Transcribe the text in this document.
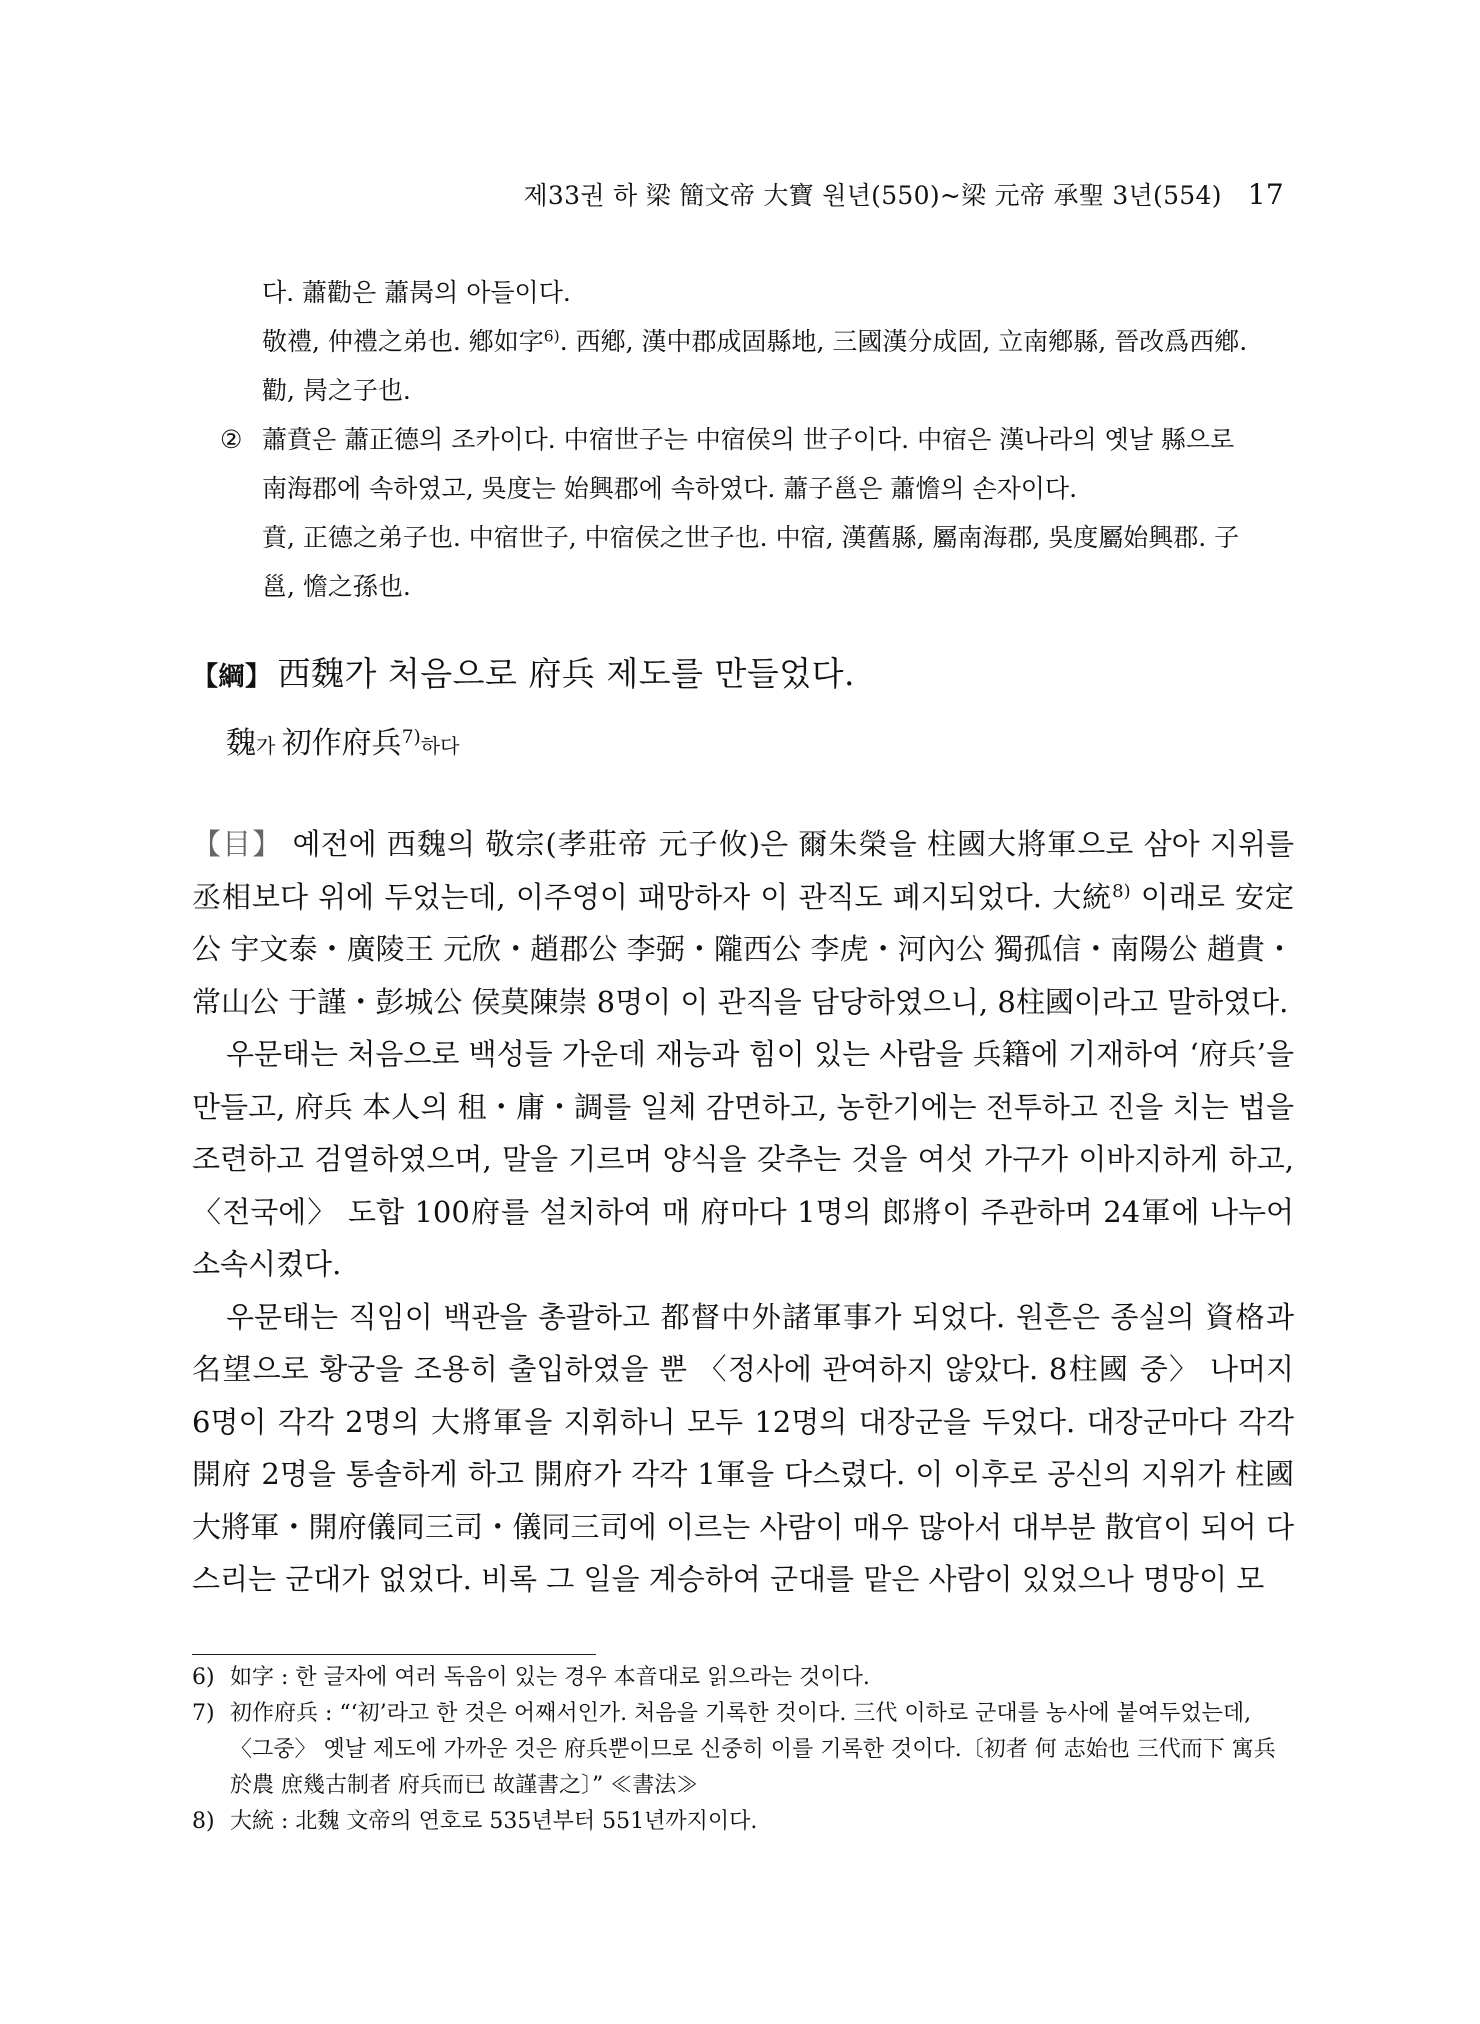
제33권 하 梁 簡文帝 大寶 원년(550)~梁 元帝 承聖 3년(554) 17

다. 蕭勸은 蕭昺의 아들이다.

敬禮, 仲禮之弟也. 鄕如字$^{6)}$. 西鄕, 漢中郡成固縣地, 三國漢分成固, 立南鄕縣, 晉改爲西鄕.

勸, 昺之子也.

② 蕭賁은 蕭正德의 조카이다. 中宿世子는 中宿侯의 世子이다. 中宿은 漢나라의 옛날 縣으로

南海郡에 속하였고, 吳度는 始興郡에 속하였다. 蕭子邕은 蕭憺의 손자이다.

賁, 正德之弟子也. 中宿世子, 中宿侯之世子也. 中宿, 漢舊縣, 屬南海郡, 吳度屬始興郡. 子

邕, 憺之孫也.

【綱】 西魏가 처음으로 府兵 제도를 만들었다.
魏가 初作府兵$^{7)}$하다

【目】 예전에 西魏의 敬宗(孝莊帝 元子攸)은 爾朱榮을 柱國大將軍으로 삼아 지위를 丞相보다 위에 두었는데, 이주영이 패망하자 이 관직도 폐지되었다. 大統$^{8)}$ 이래로 安定公 宇文泰・廣陵王 元欣・趙郡公 李弼・隴西公 李虎・河內公 獨孤信・南陽公 趙貴・常山公 于謹・彭城公 侯莫陳崇 8명이 이 관직을 담당하였으니, 8柱國이라고 말하였다.

우문태는 처음으로 백성들 가운데 재능과 힘이 있는 사람을 兵籍에 기재하여 ‘府兵’을 만들고, 府兵 本人의 租・庸・調를 일체 감면하고, 농한기에는 전투하고 진을 치는 법을 조련하고 검열하였으며, 말을 기르며 양식을 갖추는 것을 여섯 가구가 이바지하게 하고, 〈전국에〉 도합 100府를 설치하여 매 府마다 1명의 郎將이 주관하며 24軍에 나누어 소속시켰다.

우문태는 직임이 백관을 총괄하고 都督中外諸軍事가 되었다. 원흔은 종실의 資格과 名望으로 황궁을 조용히 출입하였을 뿐 〈정사에 관여하지 않았다. 8柱國 중〉 나머지 6명이 각각 2명의 大將軍을 지휘하니 모두 12명의 대장군을 두었다. 대장군마다 각각 開府 2명을 통솔하게 하고 開府가 각각 1軍을 다스렸다. 이 이후로 공신의 지위가 柱國大將軍・開府儀同三司・儀同三司에 이르는 사람이 매우 많아서 대부분 散官이 되어 다스리는 군대가 없었다. 비록 그 일을 계승하여 군대를 맡은 사람이 있었으나 명망이 모

6) 如字 : 한 글자에 여러 독음이 있는 경우 本音대로 읽으라는 것이다.
7) 初作府兵 : “‘初’라고 한 것은 어째서인가. 처음을 기록한 것이다. 三代 이하로 군대를 농사에 붙여두었는데, 〈그중〉 옛날 제도에 가까운 것은 府兵뿐이므로 신중히 이를 기록한 것이다.〔初者 何 志始也 三代而下 寓兵於農 庶幾古制者 府兵而已 故謹書之〕” ≪書法≫
8) 大統 : 北魏 文帝의 연호로 535년부터 551년까지이다.
